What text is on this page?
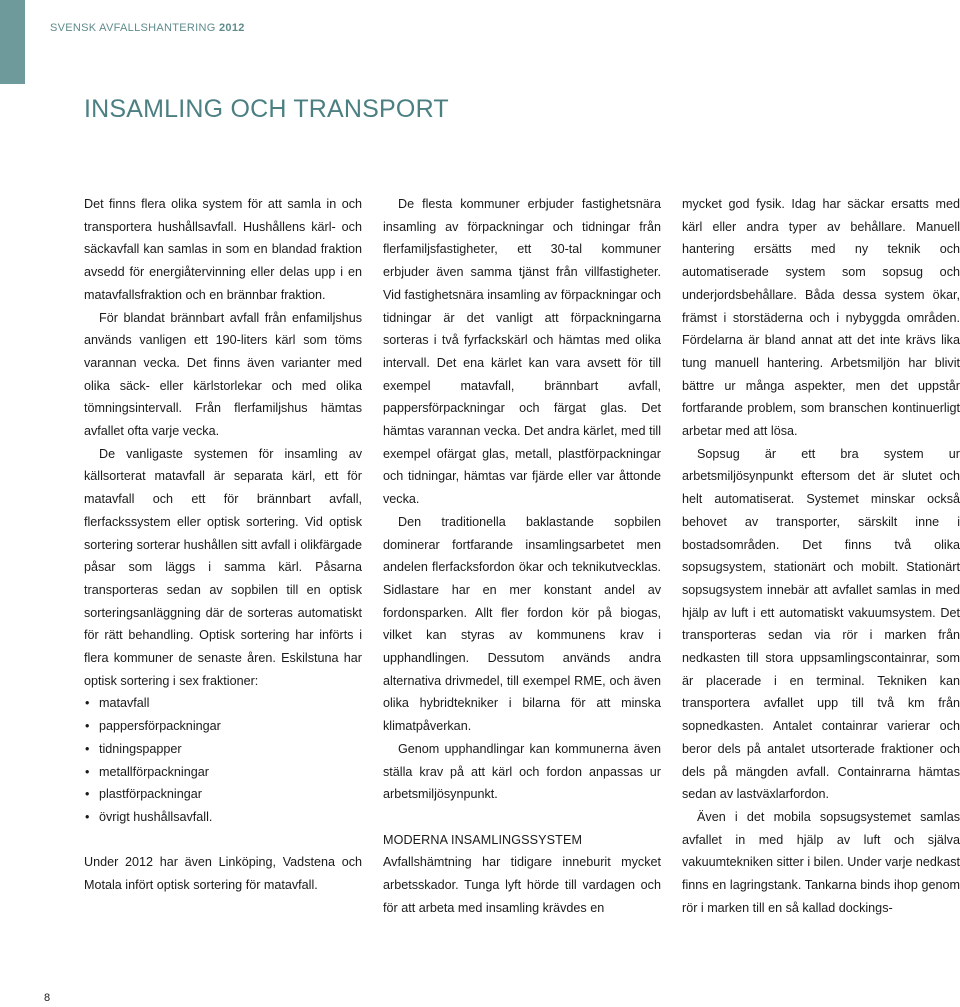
SVENSK AVFALLSHANTERING 2012
INSAMLING OCH TRANSPORT

Det finns flera olika system för att samla in och transportera hushållsavfall. Hushållens kärl- och säckavfall kan samlas in som en blandad fraktion avsedd för energiåtervinning eller delas upp i en matavfallsfraktion och en brännbar fraktion.

För blandat brännbart avfall från enfamiljshus används vanligen ett 190-liters kärl som töms varannan vecka. Det finns även varianter med olika säck- eller kärlstorlekar och med olika tömningsintervall. Från flerfamiljshus hämtas avfallet ofta varje vecka.

De vanligaste systemen för insamling av källsorterat matavfall är separata kärl, ett för matavfall och ett för brännbart avfall, flerfackssystem eller optisk sortering. Vid optisk sortering sorterar hushållen sitt avfall i olikfärgade påsar som läggs i samma kärl. Påsarna transporteras sedan av sopbilen till en optisk sorteringsanläggning där de sorteras automatiskt för rätt behandling. Optisk sortering har införts i flera kommuner de senaste åren. Eskilstuna har optisk sortering i sex fraktioner:

• matavfall
• pappersförpackningar
• tidningspapper
• metallförpackningar
• plastförpackningar
• övrigt hushållsavfall.

Under 2012 har även Linköping, Vadstena och Motala infört optisk sortering för matavfall.

De flesta kommuner erbjuder fastighetsnära insamling av förpackningar och tidningar från flerfamiljsfastigheter, ett 30-tal kommuner erbjuder även samma tjänst från villfastigheter. Vid fastighetsnära insamling av förpackningar och tidningar är det vanligt att förpackningarna sorteras i två fyrfackskärl och hämtas med olika intervall. Det ena kärlet kan vara avsett för till exempel matavfall, brännbart avfall, pappersförpackningar och färgat glas. Det hämtas varannan vecka. Det andra kärlet, med till exempel ofärgat glas, metall, plastförpackningar och tidningar, hämtas var fjärde eller var åttonde vecka.

Den traditionella baklastande sopbilen dominerar fortfarande insamlingsarbetet men andelen flerfacksfordon ökar och teknikutvecklas. Sidlastare har en mer konstant andel av fordonsparken. Allt fler fordon kör på biogas, vilket kan styras av kommunens krav i upphandlingen. Dessutom används andra alternativa drivmedel, till exempel RME, och även olika hybridtekniker i bilarna för att minska klimatpåverkan.

Genom upphandlingar kan kommunerna även ställa krav på att kärl och fordon anpassas ur arbetsmiljösynpunkt.

MODERNA INSAMLINGSSYSTEM

Avfallshämtning har tidigare inneburit mycket arbetsskador. Tunga lyft hörde till vardagen och för att arbeta med insamling krävdes en

mycket god fysik. Idag har säckar ersatts med kärl eller andra typer av behållare. Manuell hantering ersätts med ny teknik och automatiserade system som sopsug och underjordsbehållare. Båda dessa system ökar, främst i storstäderna och i nybyggda områden. Fördelarna är bland annat att det inte krävs lika tung manuell hantering. Arbetsmiljön har blivit bättre ur många aspekter, men det uppstår fortfarande problem, som branschen kontinuerligt arbetar med att lösa.

Sopsug är ett bra system ur arbetsmiljösynpunkt eftersom det är slutet och helt automatiserat. Systemet minskar också behovet av transporter, särskilt inne i bostadsområden. Det finns två olika sopsugsystem, stationärt och mobilt. Stationärt sopsugsystem innebär att avfallet samlas in med hjälp av luft i ett automatiskt vakuumsystem. Det transporteras sedan via rör i marken från nedkasten till stora uppsamlingscontainrar, som är placerade i en terminal. Tekniken kan transportera avfallet upp till två km från sopnedkasten. Antalet containrar varierar och beror dels på antalet utsorterade fraktioner och dels på mängden avfall. Containrarna hämtas sedan av lastväxlarfordon.

Även i det mobila sopsugsystemet samlas avfallet in med hjälp av luft och själva vakuumtekniken sitter i bilen. Under varje nedkast finns en lagringstank. Tankarna binds ihop genom rör i marken till en så kallad dockings-

8
